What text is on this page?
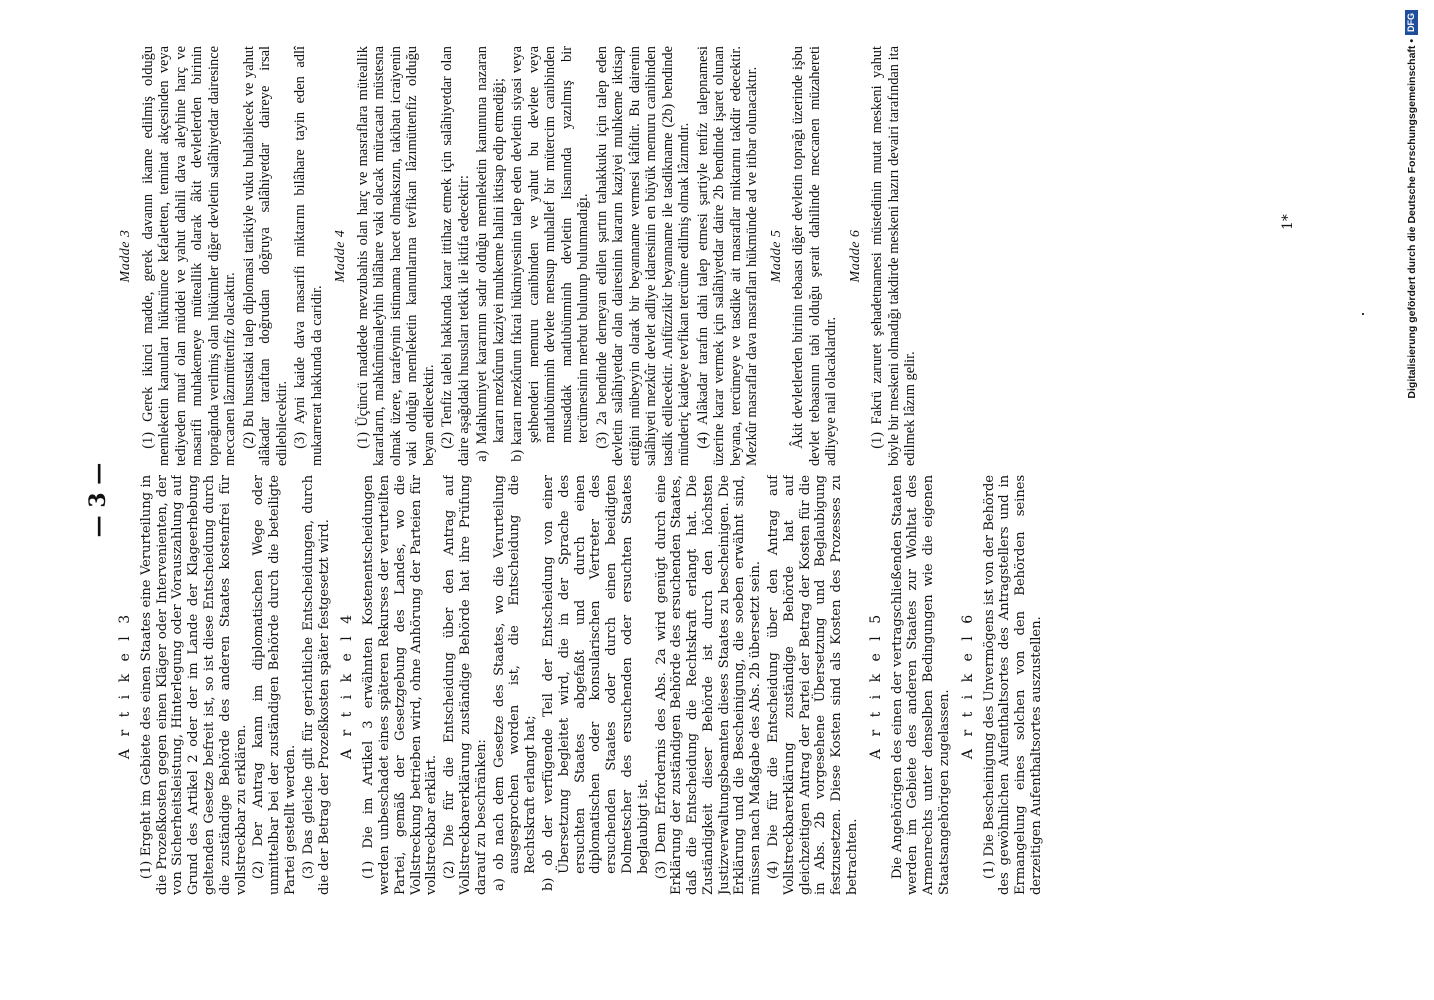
— 3 —
A r t i k e l 3 (1) Ergeht im Gebiete des einen Staates eine Verurteilung in die Prozeßkosten gegen einen Kläger oder Intervenienten, der von Sicherheitsleistung, Hinterlegung oder Vorauszahlung auf Grund des Artikel 2 oder der im Lande der Klageerhebung geltenden Gesetze befreit ist, so ist diese Entscheidung durch die zuständige Behörde des anderen Staates kostenfrei für vollstreckbar zu erklären. (2) Der Antrag kann im diplomatischen Wege oder unmittelbar bei der zuständigen Behörde durch die beteiligte Partei gestellt werden. (3) Das gleiche gilt für gerichtliche Entscheidungen, durch die der Betrag der Prozeßkosten später festgesetzt wird. A r t i k e l 4 (1) Die im Artikel 3 erwähnten Kostenentscheidungen werden unbeschadet eines späteren Rekurses der verurteilten Partei, gemäß der Gesetzgebung des Landes, wo die Vollstreckung betrieben wird, ohne Anhörung der Parteien für vollstreckbar erklärt. (2) Die für die Entscheidung über den Antrag auf Vollstreckbarerklärung zuständige Behörde hat ihre Prüfung darauf zu beschränken: a) ob nach dem Gesetze des Staates, wo die Verurteilung ausgesprochen worden ist, die Entscheidung die Rechtskraft erlangt hat; b) ob der verfügende Teil der Entscheidung von einer Übersetzung begleitet wird, die in der Sprache des ersuchten Staates abgefaßt und durch einen diplomatischen oder konsularischen Vertreter des ersuchenden Staates oder durch einen beeidigten Dolmetscher des ersuchenden oder ersuchten Staates beglaubigt ist. (3) Dem Erfordernis des Abs. 2a wird genügt durch eine Erklärung der zuständigen Behörde des ersuchenden Staates, daß die Entscheidung die Rechtskraft erlangt hat. Die Zuständigkeit dieser Behörde ist durch den höchsten Justizverwaltungsbeamten dieses Staates zu bescheinigen. Die Erklärung und die Bescheinigung, die soeben erwähnt sind, müssen nach Maßgabe des Abs. 2b übersetzt sein. (4) Die für die Entscheidung über den Antrag auf Vollstreckbarerklärung zuständige Behörde hat auf gleichzeitigen Antrag der Partei der Betrag der Kosten für die in Abs. 2b vorgesehene Übersetzung und Beglaubigung festzusetzen. Diese Kosten sind als Kosten des Prozesses zu betrachten.

A r t i k e l 5 Die Angehörigen des einen der vertragschließenden Staaten werden im Gebiete des anderen Staates zur Wohltat des Armenrechts unter denselben Bedingungen wie die eigenen Staatsangehörigen zugelassen.

A r t i k e l 6 (1) Die Bescheinigung des Unvermögens ist von der Behörde des gewöhnlichen Aufenthaltsortes des Antragstellers und in Ermangelung eines solchen von den Behörden seines derzeitigen Aufenthaltsortes auszustellen.

Madde 3 (1) Gerek ikinci madde, gerek davanın ikame edilmiş olduğu memleketin kanunları hükmünce kefaletten, teminat akçesinden veya tediyeden muaf olan müddei ve yahut dahili dava aleyhine harç ve masarifi muhakemeye müteallik olarak âkit devletlerden birinin toprağında verilmiş olan hükümler diğer devletin salâhiyetdar dairesince meccanen lâzımüttenfiz olacaktır. (2) Bu husustaki talep diplomasi tarikiyle vuku bulabilecek ve yahut alâkadar taraftan doğrudan doğruya salâhiyetdar daireye irsal edilebilecektir. (3) Ayni kaide dava masarifi miktarını bilâhare tayin eden adlî mukarrerat hakkında da caridir.

Madde 4 (1) Üçüncü maddede mevzubahis olan harç ve masraflara müteallik kararların, mahkûmünaleyhin bilâhare vaki olacak müracaatı müstesna olmak üzere, tarafeynin istimama hacet olmaksızın, takibatı icraiyenin vaki olduğu memleketin kanunlarına tevfikan lâzımüttenfiz olduğu beyan edilecektir. (2) Tenfiz talebi hakkında karar ittihaz etmek için salâhiyetdar olan daire aşağıdaki hususları tetkik ile iktifa edecektir: a) Mahkumiyet kararının sadır olduğu memleketin kanununa nazaran kararı mezkûrun kaziyei muhkeme halini iktisap edip etmediği; b) kararı mezkûrun fıkrai hükmiyesinin talep eden devletin siyasi veya şehbenderi memuru canibinden ve yahut bu devlete veya matlubünminh devlete mensup muhallef bir mütercim canibinden musaddak matlubünminh devletin lisanında yazılmış bir tercümesinin merbut bulunup bulunmadığı. (3) 2a bendinde derneyan edilen şartın tahakkuku için talep eden devletin salâhiyetdar olan dairesinin kararın kaziyei muhkeme iktisap ettiğini mübeyyin olarak bir beyanname vermesi kâfidir. Bu dairenin salâhiyeti mezkûr devlet adliye idaresinin en büyük memuru canibinden tasdik edilecektir. Anifüzzikir beyanname ile tasdikname (2b) bendinde münderiç kaideye tevfikan tercüme edilmiş olmak lâzımdır. (4) Alâkadar tarafın dahi talep etmesi şartiyle tenfiz talepnamesi üzerine karar vermek için salâhiyetdar daire 2b bendinde işaret olunan beyana, tercümeye ve tasdike ait masraflar miktarını takdir edecektir. Mezkûr masraflar dava masrafları hükmünde ad ve itibar olunacaktır. Madde 5 Âkit devletlerden birinin tebaası diğer devletin toprağı üzerinde işbu devlet tebaasının tabi olduğu şerait dahilinde meccanen müzahereti adliyeye nail olacaklardır.

Madde 6 (1) Fakrü zaruret şehadetnamesi müstedinin mutat meskeni yahut böyle bir meskeni olmadığı takdirde meskeni hazırı devairi tarafından ita edilmek lâzım gelir.

1*	Digitalisierung gefördert durch die Deutsche Forschungsgemeinschaft •
DFG
